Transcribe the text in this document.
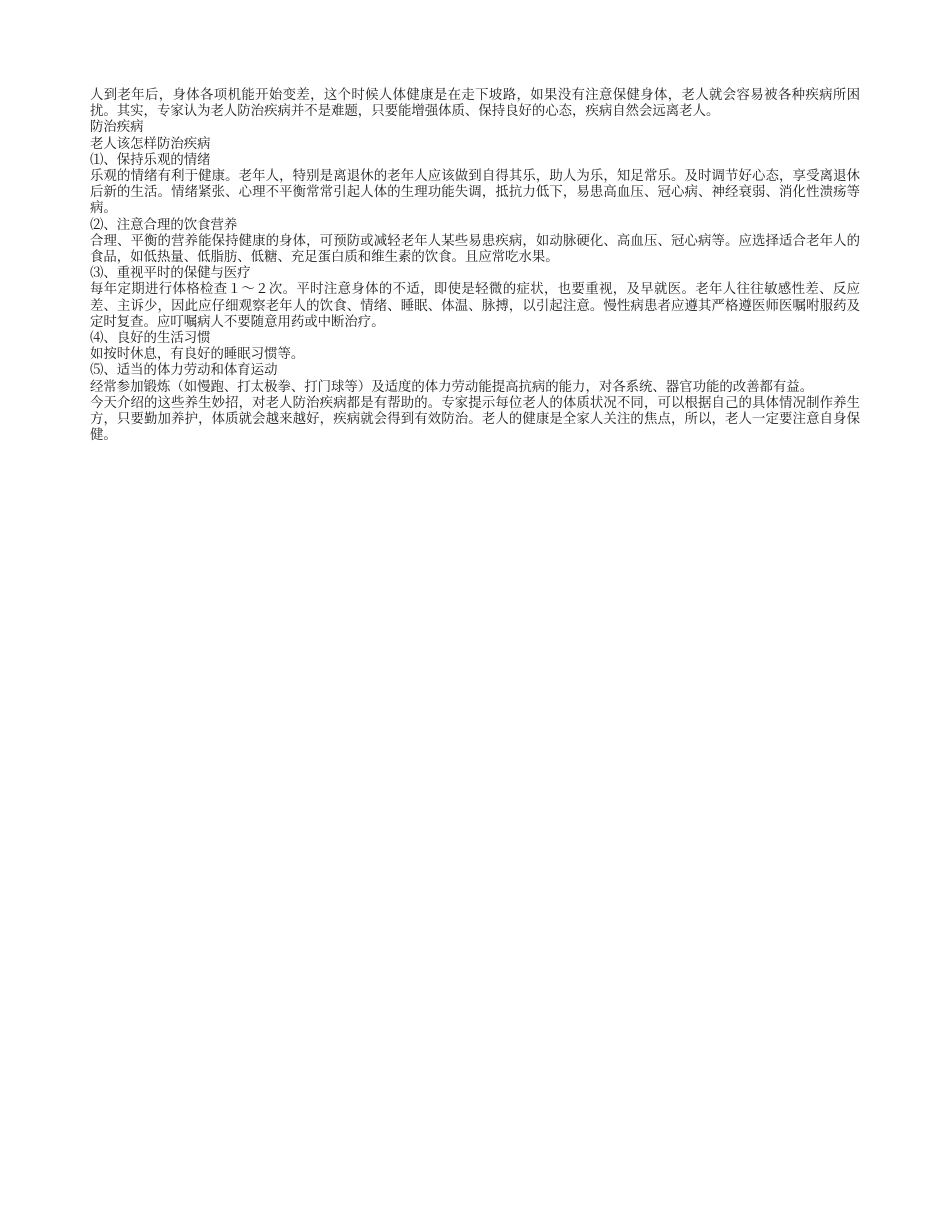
人到老年后，身体各项机能开始变差，这个时候人体健康是在走下坡路，如果没有注意保健身体，老人就会容易被各种疾病所困扰。其实，专家认为老人防治疾病并不是难题，只要能增强体质、保持良好的心态，疾病自然会远离老人。

防治疾病

老人该怎样防治疾病

⑴、保持乐观的情绪

乐观的情绪有利于健康。老年人，特别是离退休的老年人应该做到自得其乐，助人为乐，知足常乐。及时调节好心态，享受离退休后新的生活。情绪紧张、心理不平衡常常引起人体的生理功能失调，抵抗力低下，易患高血压、冠心病、神经衰弱、消化性溃疡等病。

⑵、注意合理的饮食营养

合理、平衡的营养能保持健康的身体，可预防或减轻老年人某些易患疾病，如动脉硬化、高血压、冠心病等。应选择适合老年人的食品，如低热量、低脂肪、低糖、充足蛋白质和维生素的饮食。且应常吃水果。

⑶、重视平时的保健与医疗

每年定期进行体格检查１～２次。平时注意身体的不适，即使是轻微的症状，也要重视，及早就医。老年人往往敏感性差、反应差、主诉少，因此应仔细观察老年人的饮食、情绪、睡眠、体温、脉搏，以引起注意。慢性病患者应遵其严格遵医师医嘱咐服药及定时复查。应叮嘱病人不要随意用药或中断治疗。

⑷、良好的生活习惯

如按时休息，有良好的睡眠习惯等。

⑸、适当的体力劳动和体育运动

经常参加锻炼（如慢跑、打太极拳、打门球等）及适度的体力劳动能提高抗病的能力，对各系统、器官功能的改善都有益。

今天介绍的这些养生妙招，对老人防治疾病都是有帮助的。专家提示每位老人的体质状况不同，可以根据自己的具体情况制作养生方，只要勤加养护，体质就会越来越好，疾病就会得到有效防治。老人的健康是全家人关注的焦点，所以，老人一定要注意自身保健。
